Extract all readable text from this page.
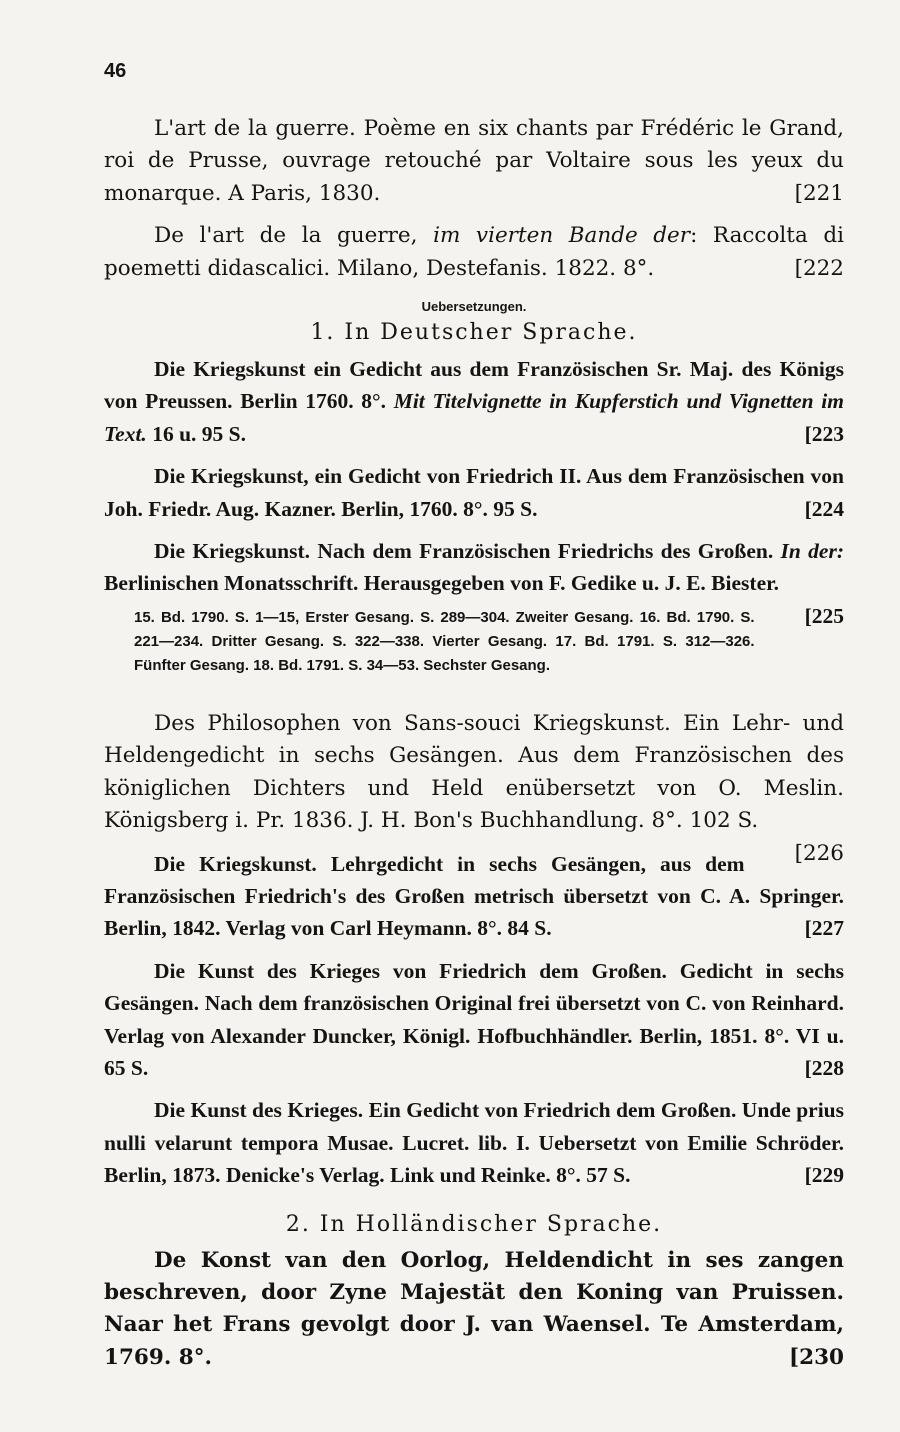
46

L'art de la guerre. Poème en six chants par Frédéric le Grand, roi de Prusse, ouvrage retouché par Voltaire sous les yeux du monarque. A Paris, 1830.	[221

De l'art de la guerre, im vierten Bande der: Raccolta di poemetti didascalici. Milano, Destefanis. 1822. 8°.	[222

Uebersetzungen.
1. In Deutscher Sprache.

Die Kriegskunst ein Gedicht aus dem Französischen Sr. Maj. des Königs von Preussen. Berlin 1760. 8°. Mit Titelvignette in Kupferstich und Vignetten im Text. 16 u. 95 S.	[223

Die Kriegskunst, ein Gedicht von Friedrich II. Aus dem Französischen von Joh. Friedr. Aug. Kazner. Berlin, 1760. 8°. 95 S.	[224

Die Kriegskunst. Nach dem Französischen Friedrichs des Großen. In der: Berlinischen Monatsschrift. Herausgegeben von F. Gedike u. J. E. Biester.
[225

15. Bd. 1790. S. 1—15, Erster Gesang. S. 289—304. Zweiter Gesang. 16. Bd. 1790. S. 221—234. Dritter Gesang. S. 322—338. Vierter Gesang. 17. Bd. 1791. S. 312—326. Fünfter Gesang. 18. Bd. 1791. S. 34—53. Sechster Gesang.

Des Philosophen von Sans-souci Kriegskunst. Ein Lehr- und Heldengedicht in sechs Gesängen. Aus dem Französischen des königlichen Dichters und Held enübersetzt von O. Meslin. Königsberg i. Pr. 1836. J. H. Bon's Buchhandlung. 8°. 102 S.
[226

Die Kriegskunst. Lehrgedicht in sechs Gesängen, aus dem Französischen Friedrich's des Großen metrisch übersetzt von C. A. Springer. Berlin, 1842. Verlag von Carl Heymann. 8°. 84 S.	[227

Die Kunst des Krieges von Friedrich dem Großen. Gedicht in sechs Gesängen. Nach dem französischen Original frei übersetzt von C. von Reinhard. Verlag von Alexander Duncker, Königl. Hofbuchhändler. Berlin, 1851. 8°. VI u. 65 S.	[228

Die Kunst des Krieges. Ein Gedicht von Friedrich dem Großen. Unde prius nulli velarunt tempora Musae. Lucret. lib. I. Uebersetzt von Emilie Schröder. Berlin, 1873. Denicke's Verlag. Link und Reinke. 8°. 57 S.	[229

2. In Holländischer Sprache.

De Konst van den Oorlog, Heldendicht in ses zangen beschreven, door Zyne Majestät den Koning van Pruissen. Naar het Frans gevolgt door J. van Waensel. Te Amsterdam, 1769. 8°.	[230
